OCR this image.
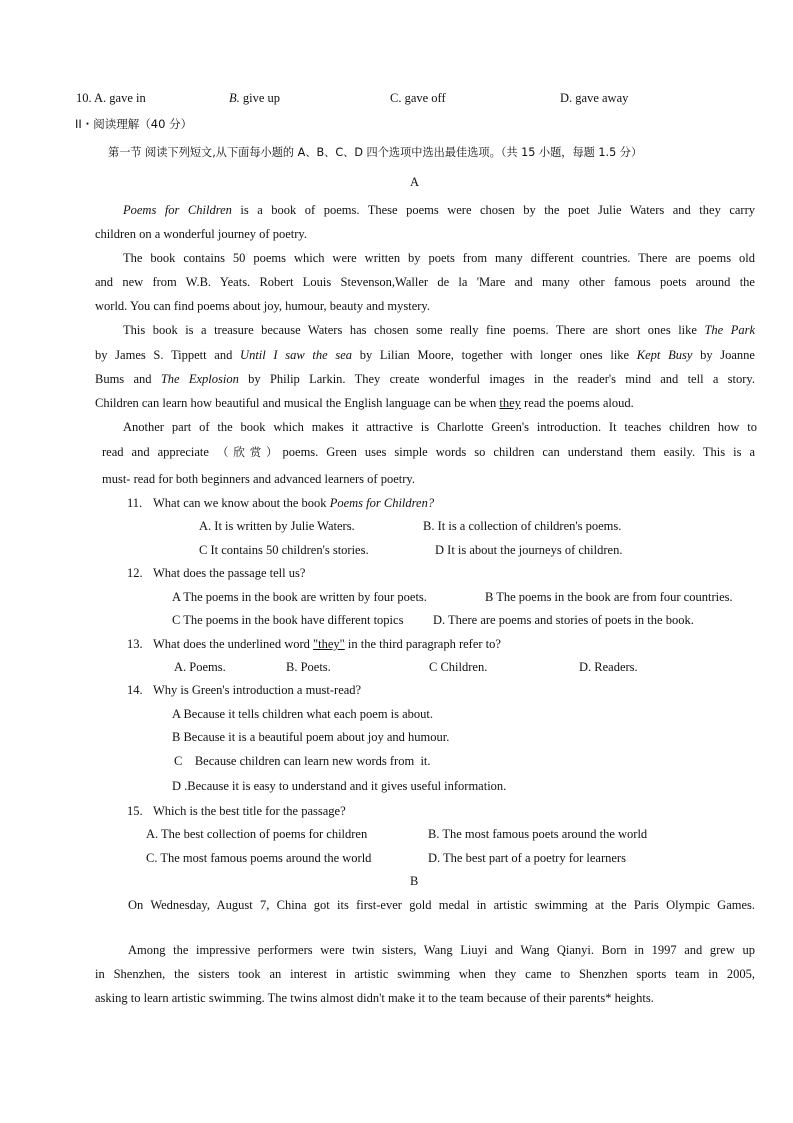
10. A. gave in	B. give up	C. gave off	D. gave away
II・阅读理解（40 分）
第一节 阅读下列短文,从下面每小题的 A、B、C、D 四个选项中选出最佳选项。（共 15 小题，每题 1.5 分）
A
Poems for Children is a book of poems. These poems were chosen by the poet Julie Waters and they carry
children on a wonderful journey of poetry.
The book contains 50 poems which were written by poets from many different countries. There are poems old
and new from W.B. Yeats. Robert Louis Stevenson,Waller de la 'Mare and many other famous poets around the
world. You can find poems about joy, humour, beauty and mystery.
This book is a treasure because Waters has chosen some really fine poems. There are short ones like The Park
by James S. Tippett and Until I saw the sea by Lilian Moore, together with longer ones like Kept Busy by Joanne
Bums and The Explosion by Philip Larkin. They create wonderful images in the reader's mind and tell a story.
Children can learn how beautiful and musical the English language can be when they read the poems aloud.
Another part of the book which makes it attractive is Charlotte Green's introduction. It teaches children how to
read and appreciate （欣赏）poems. Green uses simple words so children can understand them easily. This is a
must- read for both beginners and advanced learners of poetry.
11. What can we know about the book Poems for Children?
A. It is written by Julie Waters.	B. It is a collection of children's poems.
C It contains 50 children's stories.	D It is about the journeys of children.
12. What does the passage tell us?
A The poems in the book are written by four poets.	B The poems in the book are from four countries.
C The poems in the book have different topics D. There are poems and stories of poets in the book.
13. What does the underlined word "they" in the third paragraph refer to?
A. Poems.	B. Poets.	C Children.	D. Readers.
14. Why is Green's introduction a must-read?
A Because it tells children what each poem is about.
B Because it is a beautiful poem about joy and humour.
C    Because children can learn new words from  it.
D .Because it is easy to understand and it gives useful information.
15. Which is the best title for the passage?
A. The best collection of poems for children	B. The most famous poets around the world
C. The most famous poems around the world	D. The best part of a poetry for learners
B
On Wednesday, August 7, China got its first-ever gold medal in artistic swimming at the Paris Olympic Games.
Among the impressive performers were twin sisters, Wang Liuyi and Wang Qianyi. Born in 1997 and grew up
in Shenzhen, the sisters took an interest in artistic swimming when they came to Shenzhen sports team in 2005,
asking to learn artistic swimming. The twins almost didn't make it to the team because of their parents* heights.
